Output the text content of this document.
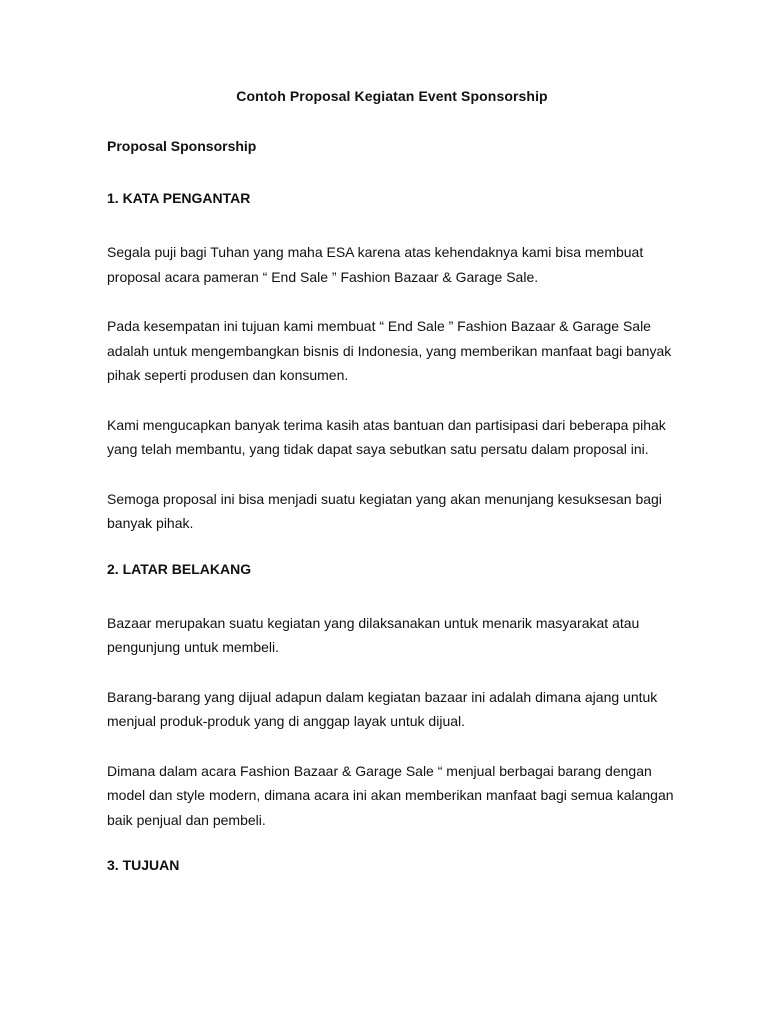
Contoh Proposal Kegiatan Event Sponsorship
Proposal Sponsorship
1. KATA PENGANTAR

Segala puji bagi Tuhan yang maha ESA karena atas kehendaknya kami bisa membuat proposal acara pameran “ End Sale ” Fashion Bazaar & Garage Sale.

Pada kesempatan ini tujuan kami membuat “ End Sale ” Fashion Bazaar & Garage Sale adalah untuk mengembangkan bisnis di Indonesia, yang memberikan manfaat bagi banyak pihak seperti produsen dan konsumen.

Kami mengucapkan banyak terima kasih atas bantuan dan partisipasi dari beberapa pihak yang telah membantu, yang tidak dapat saya sebutkan satu persatu dalam proposal ini.

Semoga proposal ini bisa menjadi suatu kegiatan yang akan menunjang kesuksesan bagi banyak pihak.

2. LATAR BELAKANG

Bazaar merupakan suatu kegiatan yang dilaksanakan untuk menarik masyarakat atau pengunjung untuk membeli.

Barang-barang yang dijual adapun dalam kegiatan bazaar ini adalah dimana ajang untuk menjual produk-produk yang di anggap layak untuk dijual.

Dimana dalam acara Fashion Bazaar & Garage Sale “ menjual berbagai barang dengan model dan style modern, dimana acara ini akan memberikan manfaat bagi semua kalangan baik penjual dan pembeli.

3. TUJUAN
